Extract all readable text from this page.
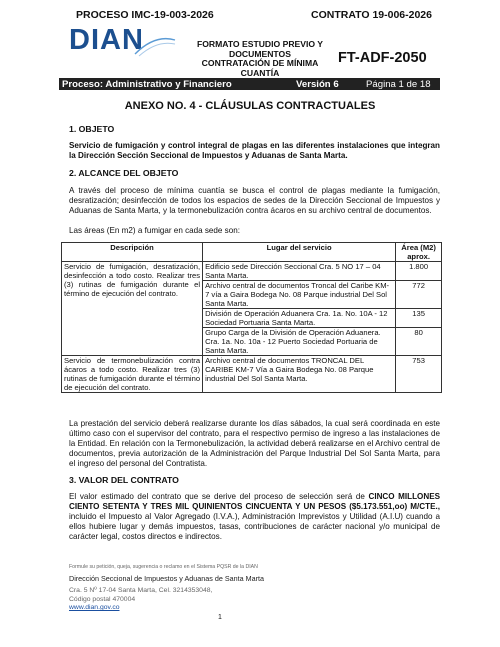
PROCESO IMC-19-003-2026	CONTRATO 19-006-2026
DIAN	FORMATO ESTUDIO PREVIO Y
DOCUMENTOS
CONTRATACIÓN DE MÍNIMA
CUANTÍA
FT-ADF-2050
Proceso: Administrativo y Financiero	Versión 6	Página 1 de 18
ANEXO NO. 4 - CLÁUSULAS CONTRACTUALES
1. OBJETO
Servicio de fumigación y control integral de plagas en las diferentes instalaciones que integran la Dirección Sección Seccional de Impuestos y Aduanas de Santa Marta.
2. ALCANCE DEL OBJETO
A través del proceso de mínima cuantía se busca el control de plagas mediante la fumigación, desratización; desinfección de todos los espacios de sedes de la Dirección Seccional de Impuestos y Aduanas de Santa Marta, y la termonebulización contra ácaros en su archivo central de documentos.
Las áreas (En m2) a fumigar en cada sede son:
Descripción	Lugar del servicio	Área (M2) aprox.
Servicio de fumigación, desratización, desinfección a todo costo. Realizar tres (3) rutinas de fumigación durante el término de ejecución del contrato.	Edificio sede Dirección Seccional Cra. 5 NO 17 – 04 Santa Marta.	1.800
	Archivo central de documentos Troncal del Caribe KM-7 vía a Gaira Bodega No. 08 Parque industrial Del Sol Santa Marta.	772
	División de Operación Aduanera Cra. 1a. No. 10A - 12 Sociedad Portuaria Santa Marta.	135
	Grupo Carga de la División de Operación Aduanera. Cra. 1a. No. 10a - 12 Puerto Sociedad Portuaria de Santa Marta.	80
Servicio de termonebulización contra ácaros a todo costo. Realizar tres (3) rutinas de fumigación durante el término de ejecución del contrato.	Archivo central de documentos TRONCAL DEL CARIBE KM-7 Vía a Gaira Bodega No. 08 Parque industrial Del Sol Santa Marta.	753
La prestación del servicio deberá realizarse durante los días sábados, la cual será coordinada en este último caso con el supervisor del contrato, para el respectivo permiso de ingreso a las instalaciones de la Entidad. En relación con la Termonebulización, la actividad deberá realizarse en el Archivo central de documentos, previa autorización de la Administración del Parque Industrial Del Sol Santa Marta, para el ingreso del personal del Contratista.
3. VALOR DEL CONTRATO
El valor estimado del contrato que se derive del proceso de selección será de CINCO MILLONES CIENTO SETENTA Y TRES MIL QUINIENTOS CINCUENTA Y UN PESOS ($5.173.551,oo) M/CTE., incluido el Impuesto al Valor Agregado (I.V.A.), Administración Imprevistos y Utilidad (A.I.U) cuando a ellos hubiere lugar y demás impuestos, tasas, contribuciones de carácter nacional y/o municipal de carácter legal, costos directos e indirectos.
Formule su petición, queja, sugerencia o reclamo en el Sistema PQSR de la DIAN
Dirección Seccional de Impuestos y Aduanas de Santa Marta
Cra. 5 Nº 17-04 Santa Marta, Cel. 3214353048,
Código postal 470004
www.dian.gov.co
1
